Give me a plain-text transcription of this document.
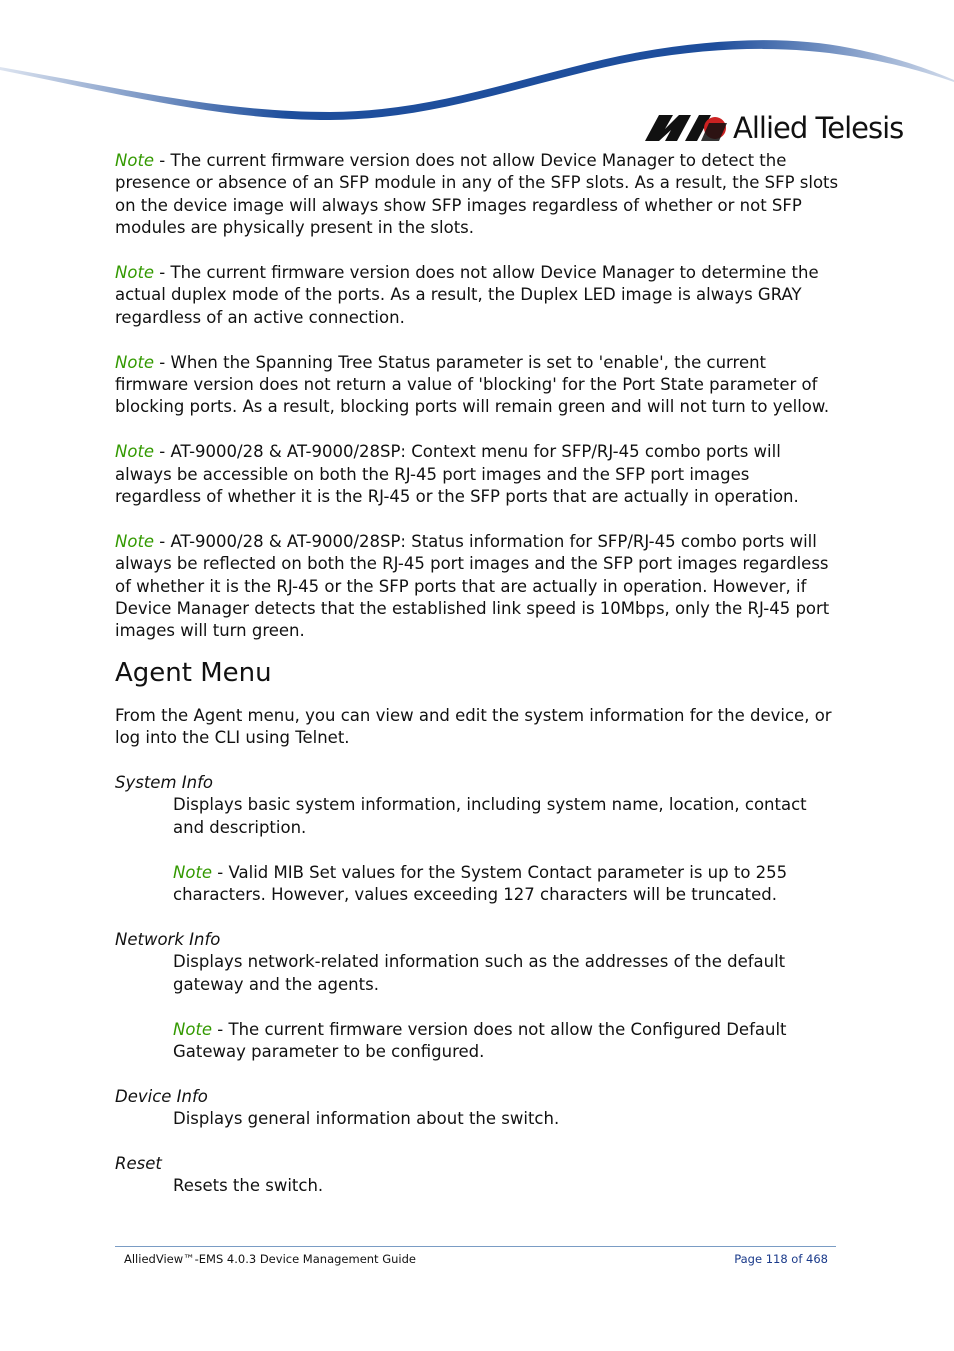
Allied Telesis

Note - The current firmware version does not allow Device Manager to detect the presence or absence of an SFP module in any of the SFP slots. As a result, the SFP slots on the device image will always show SFP images regardless of whether or not SFP modules are physically present in the slots.

Note - The current firmware version does not allow Device Manager to determine the actual duplex mode of the ports. As a result, the Duplex LED image is always GRAY regardless of an active connection.

Note - When the Spanning Tree Status parameter is set to 'enable', the current firmware version does not return a value of 'blocking' for the Port State parameter of blocking ports. As a result, blocking ports will remain green and will not turn to yellow.

Note - AT-9000/28 & AT-9000/28SP: Context menu for SFP/RJ-45 combo ports will always be accessible on both the RJ-45 port images and the SFP port images regardless of whether it is the RJ-45 or the SFP ports that are actually in operation.

Note - AT-9000/28 & AT-9000/28SP: Status information for SFP/RJ-45 combo ports will always be reflected on both the RJ-45 port images and the SFP port images regardless of whether it is the RJ-45 or the SFP ports that are actually in operation. However, if Device Manager detects that the established link speed is 10Mbps, only the RJ-45 port images will turn green.

Agent Menu

From the Agent menu, you can view and edit the system information for the device, or log into the CLI using Telnet.

System Info

Displays basic system information, including system name, location, contact and description.

Note - Valid MIB Set values for the System Contact parameter is up to 255 characters. However, values exceeding 127 characters will be truncated.

Network Info

Displays network-related information such as the addresses of the default gateway and the agents.

Note - The current firmware version does not allow the Configured Default Gateway parameter to be configured.

Device Info

Displays general information about the switch.

Reset

Resets the switch.

AlliedView™-EMS 4.0.3 Device Management Guide	Page 118 of 468
